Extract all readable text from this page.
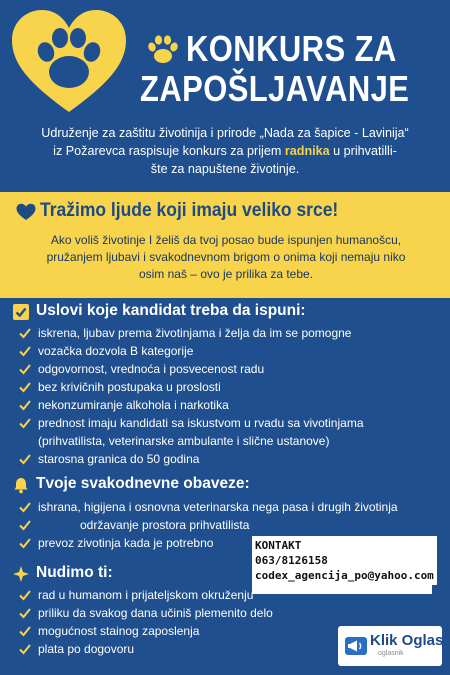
KONKURS ZA
ZAPOŠLJAVANJE
Udruženje za zaštitu životinija i prirode „Nada za šapice - Lavinija“
iz Požarevca raspisuje konkurs za prijem radnika u prihvatilli-
šte za napuštene životinje.
Tražimo ljude koji imaju veliko srce!
Ako voliš životinje I želiš da tvoj posao bude ispunjen humanošcu,
pružanjem ljubavi i svakodnevnom brigom o onima koji nemaju niko
osim naš – ovo je prilika za tebe.
Uslovi koje kandidat treba da ispuni:
iskrena, ljubav prema životinjama i želja da im se pomogne
vozačka dozvola B kategorije
odgovornost, vrednoća i posvecenost radu
bez krivičnih postupaka u proslosti
nekonzumiranje alkohola i narkotika
prednost imaju kandidati sa iskustvom u rvadu sa vivotinjama
(prihvatilista, veterinarske ambulante i slične ustanove)
starosna granica do 50 godina
Tvoje svakodnevne obaveze:
ishrana, higijena i osnovna veterinarska nega pasa i drugih životinja
održavanje prostora prihvatilista
prevoz zivotinja kada je potrebno	KONTAKT
063/8126158
codex_agencija_po@yahoo.com
Nudimo ti:
rad u humanom i prijateljskom okruženju
priliku da svakog dana učiniš plemenito delo
mogućnost stainog zaposlenja
plata po dogovoru	Klik Oglas
oglasnik
